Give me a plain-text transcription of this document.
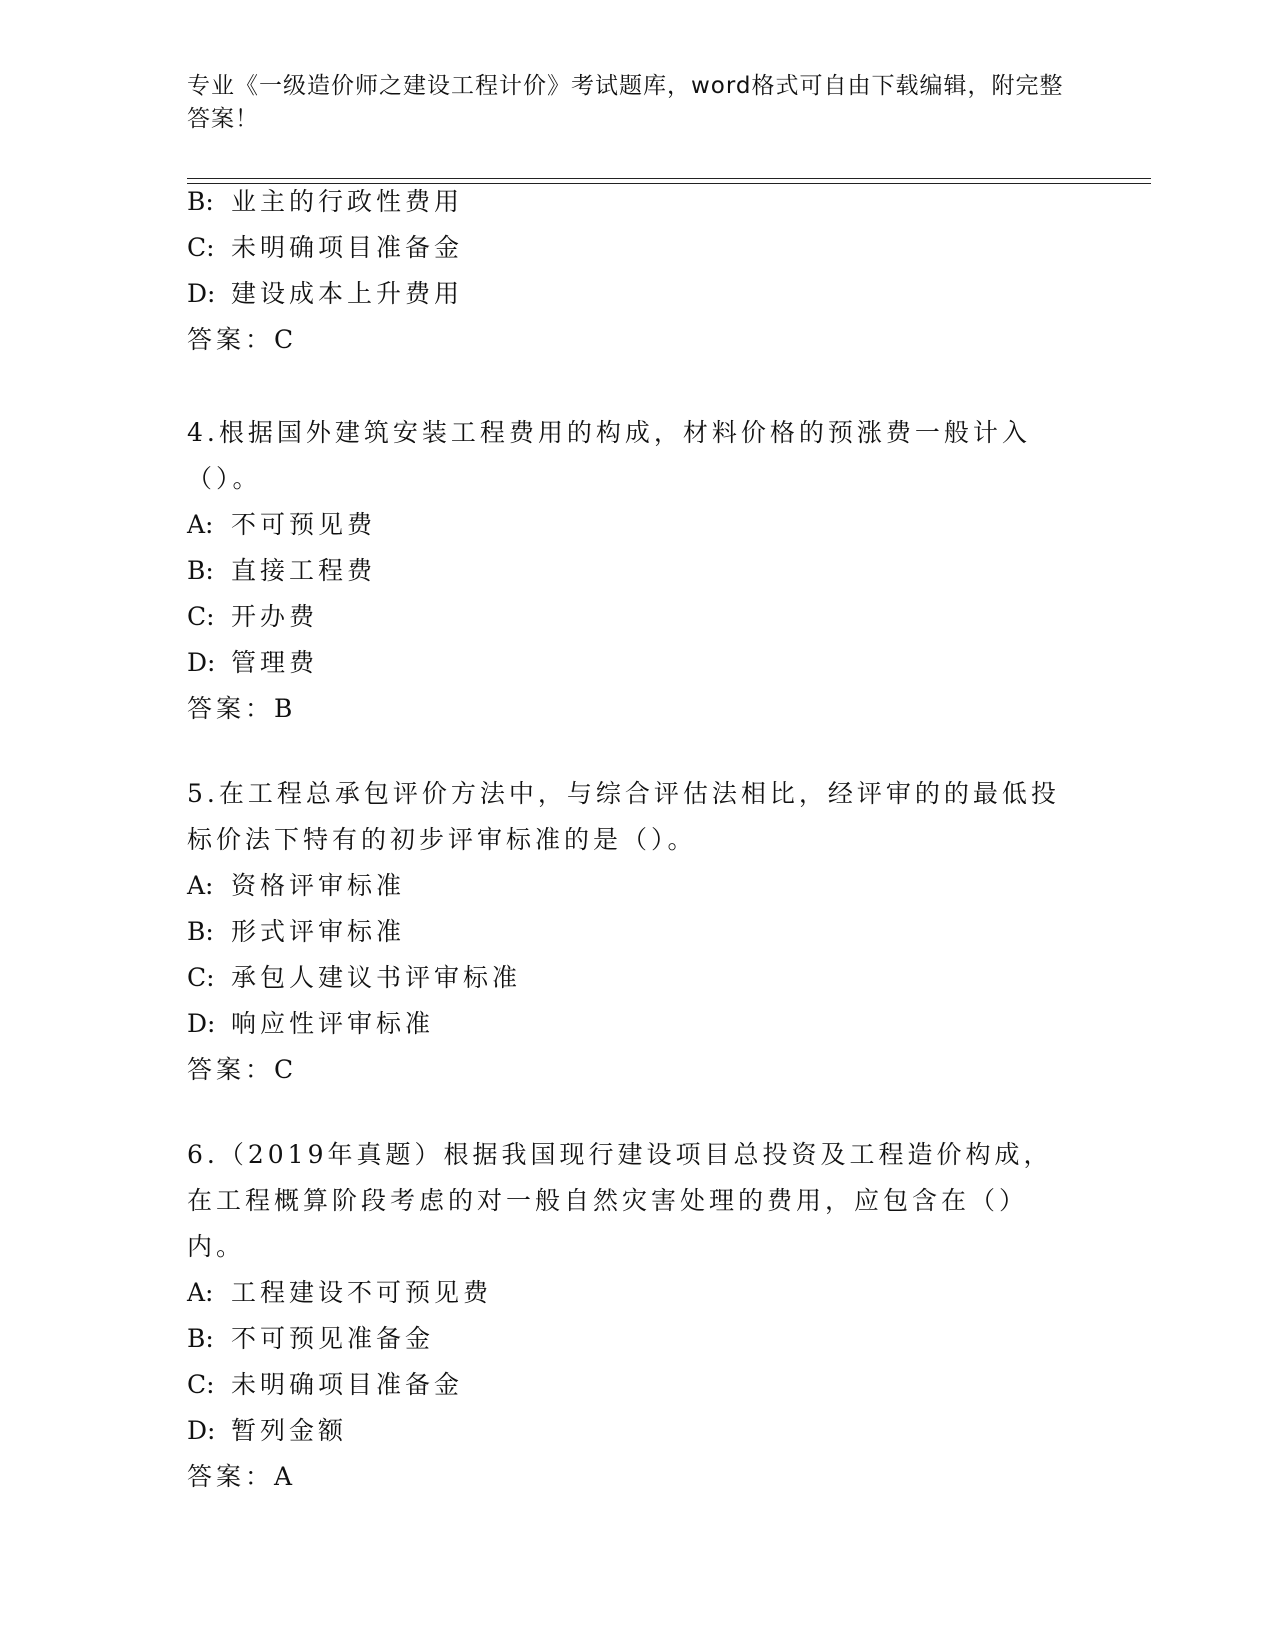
专业《一级造价师之建设工程计价》考试题库，word格式可自由下载编辑，附完整答案！
B: 业主的行政性费用
C: 未明确项目准备金
D: 建设成本上升费用
答案：C
4.根据国外建筑安装工程费用的构成，材料价格的预涨费一般计入（）。
A: 不可预见费
B: 直接工程费
C: 开办费
D: 管理费
答案：B
5.在工程总承包评价方法中，与综合评估法相比，经评审的的最低投标价法下特有的初步评审标准的是（）。
A: 资格评审标准
B: 形式评审标准
C: 承包人建议书评审标准
D: 响应性评审标准
答案：C
6.（2019年真题）根据我国现行建设项目总投资及工程造价构成，在工程概算阶段考虑的对一般自然灾害处理的费用，应包含在（）内。
A: 工程建设不可预见费
B: 不可预见准备金
C: 未明确项目准备金
D: 暂列金额
答案：A
